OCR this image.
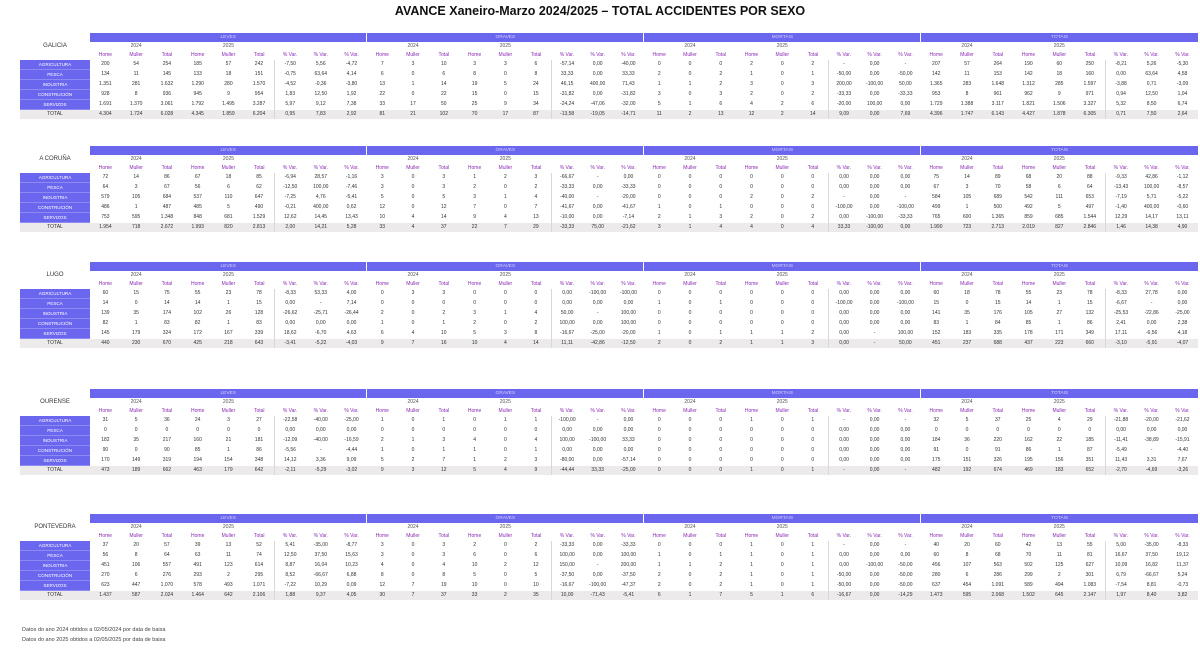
AVANCE Xaneiro-Marzo 2024/2025 – TOTAL ACCIDENTES POR SEXO
GALICIA
	LEVES									GRAVES									MORTAIS									TOTAIS								
	2024			2025						2024			2025						2024			2025						2024			2025					
	Home	Muller	Total	Home	Muller	Total	% Var.	% Var.	% Var.	Home	Muller	Total	Home	Muller	Total	% Var.	% Var.	% Var.	Home	Muller	Total	Home	Muller	Total	% Var.	% Var.	% Var.	Home	Muller	Total	Home	Muller	Total	% Var.	% Var.	% Var.
AGRICULTURA	200	54	254	185	57	242	-7,50	5,56	-4,72	7	3	10	3	3	6	-57,14	0,00	-40,00	0	0	0	2	0	2	-	0,00	-	207	57	264	190	60	250	-8,21	5,26	-5,30
PESCA	134	11	145	133	18	151	-0,75	63,64	4,14	6	0	6	8	0	8	33,33	0,00	33,33	2	0	2	1	0	1	-50,00	0,00	-50,00	142	11	153	142	18	160	0,00	63,64	4,58
INDUSTRIA	1.351	281	1.632	1.290	280	1.570	-4,52	-0,36	-3,80	13	1	14	19	5	24	46,15	400,00	71,43	1	1	2	3	0	3	200,00	-100,00	50,00	1.365	283	1.648	1.312	285	1.597	-3,88	0,71	-3,09
CONSTRUCIÓN	928	8	936	945	9	954	1,83	12,50	1,92	22	0	22	15	0	15	-31,82	0,00	-31,82	3	0	3	2	0	2	-33,33	0,00	-33,33	953	8	961	962	9	971	0,94	12,50	1,04
SERVIZOS	1.691	1.370	3.061	1.792	1.495	3.287	5,97	9,12	7,38	33	17	50	25	9	34	-24,24	-47,06	-32,00	5	1	6	4	2	6	-20,00	100,00	0,00	1.729	1.388	3.117	1.821	1.506	3.327	5,32	8,50	6,74
TOTAL	4.304	1.724	6.028	4.345	1.859	6.204	0,95	7,83	2,92	81	21	102	70	17	87	-13,58	-19,05	-14,71	11	2	13	12	2	14	9,09	0,00	7,69	4.396	1.747	6.143	4.427	1.878	6.305	0,71	7,50	2,64
A CORUÑA
	LEVES									GRAVES									MORTAIS									TOTAIS								
	2024			2025						2024			2025						2024			2025						2024			2025					
	Home	Muller	Total	Home	Muller	Total	% Var.	% Var.	% Var.	Home	Muller	Total	Home	Muller	Total	% Var.	% Var.	% Var.	Home	Muller	Total	Home	Muller	Total	% Var.	% Var.	% Var.	Home	Muller	Total	Home	Muller	Total	% Var.	% Var.	% Var.
AGRICULTURA	72	14	86	67	18	85	-6,94	28,57	-1,16	3	0	3	1	2	3	-66,67	-	0,00	0	0	0	0	0	0	0,00	0,00	0,00	75	14	89	68	20	88	-9,33	42,86	-1,12
PESCA	64	3	67	56	6	62	-12,50	100,00	-7,46	3	0	3	2	0	2	-33,33	0,00	-33,33	0	0	0	0	0	0	0,00	0,00	0,00	67	3	70	58	6	64	-13,43	100,00	-8,57
INDUSTRIA	579	105	684	537	110	647	-7,25	4,76	-5,41	5	0	5	3	1	4	-40,00	-	-20,00	0	0	0	2	0	2	-	0,00	-	584	105	689	542	111	653	-7,19	5,71	-5,22
CONSTRUCIÓN	486	1	487	485	5	490	-0,21	400,00	0,62	12	0	12	7	0	7	-41,67	0,00	-41,67	1	0	1	0	0	0	-100,00	0,00	-100,00	499	1	500	492	5	497	-1,40	400,00	-0,60
SERVIZOS	753	595	1.348	848	681	1.529	12,62	14,45	13,43	10	4	14	9	4	13	-10,00	0,00	-7,14	2	1	3	2	0	2	0,00	-100,00	-33,33	765	600	1.365	859	685	1.544	12,29	14,17	13,11
TOTAL	1.954	718	2.672	1.993	820	2.813	2,00	14,21	5,28	33	4	37	22	7	29	-33,33	75,00	-21,62	3	1	4	4	0	4	33,33	-100,00	0,00	1.990	723	2.713	2.019	827	2.846	1,46	14,38	4,90
LUGO
	LEVES									GRAVES									MORTAIS									TOTAIS								
	2024			2025						2024			2025						2024			2025						2024			2025					
	Home	Muller	Total	Home	Muller	Total	% Var.	% Var.	% Var.	Home	Muller	Total	Home	Muller	Total	% Var.	% Var.	% Var.	Home	Muller	Total	Home	Muller	Total	% Var.	% Var.	% Var.	Home	Muller	Total	Home	Muller	Total	% Var.	% Var.	% Var.
AGRICULTURA	60	15	75	55	23	78	-8,33	53,33	4,00	0	3	3	0	0	0	0,00	-100,00	-100,00	0	0	0	0	0	0	0,00	0,00	0,00	60	18	78	55	23	78	-8,33	27,78	0,00
PESCA	14	0	14	14	1	15	0,00	-	7,14	0	0	0	0	0	0	0,00	0,00	0,00	1	0	1	0	0	0	-100,00	0,00	-100,00	15	0	15	14	1	15	-6,67	-	0,00
INDUSTRIA	139	35	174	102	26	128	-26,62	-25,71	-26,44	2	0	2	3	1	4	50,00	-	100,00	0	0	0	0	0	0	0,00	0,00	0,00	141	35	176	105	27	132	-25,53	-22,86	-25,00
CONSTRUCIÓN	82	1	83	82	1	83	0,00	0,00	0,00	1	0	1	2	0	2	100,00	0,00	100,00	0	0	0	0	0	0	0,00	0,00	0,00	83	1	84	85	1	86	2,41	0,00	2,38
SERVIZOS	145	179	324	172	167	339	18,62	-6,70	4,63	6	4	10	5	3	8	-16,67	-25,00	-20,00	1	0	1	1	1	2	0,00	-	100,00	152	183	335	178	171	349	17,11	-6,56	4,18
TOTAL	440	230	670	425	218	643	-3,41	-5,22	-4,03	9	7	16	10	4	14	11,11	-42,86	-12,50	2	0	2	1	1	3	0,00	-	50,00	451	237	688	437	223	660	-3,10	-5,91	-4,07
OURENSE
	LEVES									GRAVES									MORTAIS									TOTAIS								
	2024			2025						2024			2025						2024			2025						2024			2025					
	Home	Muller	Total	Home	Muller	Total	% Var.	% Var.	% Var.	Home	Muller	Total	Home	Muller	Total	% Var.	% Var.	% Var.	Home	Muller	Total	Home	Muller	Total	% Var.	% Var.	% Var.	Home	Muller	Total	Home	Muller	Total	% Var.	% Var.	% Var.
AGRICULTURA	31	5	36	24	3	27	-22,58	-40,00	-25,00	1	0	1	0	1	1	-100,00	-	0,00	0	0	0	1	0	1	-	0,00	-	32	5	37	25	4	29	-21,88	-20,00	-21,62
PESCA	0	0	0	0	0	0	0,00	0,00	0,00	0	0	0	0	0	0	0,00	0,00	0,00	0	0	0	0	0	0	0,00	0,00	0,00	0	0	0	0	0	0	0,00	0,00	0,00
INDUSTRIA	182	35	217	160	21	181	-12,09	-40,00	-16,59	2	1	3	4	0	4	100,00	-100,00	33,33	0	0	0	0	0	0	0,00	0,00	0,00	184	36	220	162	22	185	-11,41	-38,89	-15,91
CONSTRUCIÓN	90	0	90	85	1	86	-5,56	-	-4,44	1	0	1	1	0	1	0,00	0,00	0,00	0	0	0	0	0	0	0,00	0,00	0,00	91	0	91	86	1	87	-5,49	-	-4,40
SERVIZOS	170	149	319	194	154	348	14,12	3,36	9,09	5	2	7	1	2	3	-80,00	0,00	-57,14	0	0	0	0	0	0	0,00	0,00	0,00	175	151	326	195	156	351	11,43	3,31	7,67
TOTAL	473	189	662	463	179	642	-2,11	-5,29	-3,02	9	3	12	5	4	9	-44,44	33,33	-25,00	0	0	0	1	0	1	-	0,00	-	482	192	674	469	183	652	-2,70	-4,69	-3,26
PONTEVEDRA
	LEVES									GRAVES									MORTAIS									TOTAIS								
	2024			2025						2024			2025						2024			2025						2024			2025					
	Home	Muller	Total	Home	Muller	Total	% Var.	% Var.	% Var.	Home	Muller	Total	Home	Muller	Total	% Var.	% Var.	% Var.	Home	Muller	Total	Home	Muller	Total	% Var.	% Var.	% Var.	Home	Muller	Total	Home	Muller	Total	% Var.	% Var.	% Var.
AGRICULTURA	37	20	57	39	13	52	5,41	-35,00	-8,77	3	0	3	2	0	2	-33,33	0,00	-33,33	0	0	0	1	0	1	-	0,00	-	40	20	60	42	13	55	5,00	-35,00	-8,33
PESCA	56	8	64	63	11	74	12,50	37,50	15,63	3	0	3	6	0	6	100,00	0,00	100,00	1	0	1	1	0	1	0,00	0,00	0,00	60	8	68	70	11	81	16,67	37,50	19,12
INDUSTRIA	451	106	557	491	123	614	8,87	16,04	10,23	4	0	4	10	2	12	150,00	-	200,00	1	1	2	1	0	1	0,00	-100,00	-50,00	456	107	563	502	125	627	10,09	16,82	11,37
CONSTRUCIÓN	270	6	276	293	2	295	8,52	-66,67	6,88	8	0	8	5	0	5	-37,50	0,00	-37,50	2	0	2	1	0	1	-50,00	0,00	-50,00	280	6	286	299	2	301	6,79	-66,67	5,24
SERVIZOS	623	447	1.070	578	493	1.071	-7,22	10,29	0,09	12	7	19	10	0	10	-16,67	-100,00	-47,37	2	0	2	1	0	1	-50,00	0,00	-50,00	637	454	1.091	589	494	1.083	-7,54	8,81	-0,73
TOTAL	1.437	587	2.024	1.464	642	2.106	1,88	9,37	4,05	30	7	37	33	2	35	10,00	-71,43	-5,41	6	1	7	5	1	6	-16,67	0,00	-14,29	1.473	595	2.068	1.502	645	2.147	1,97	8,40	3,82
Datos do ano 2024 obtidos a 02/05/2024 por data de baixa
Datos do ano 2025 obtidos a 02/05/2025 por data de baixa
